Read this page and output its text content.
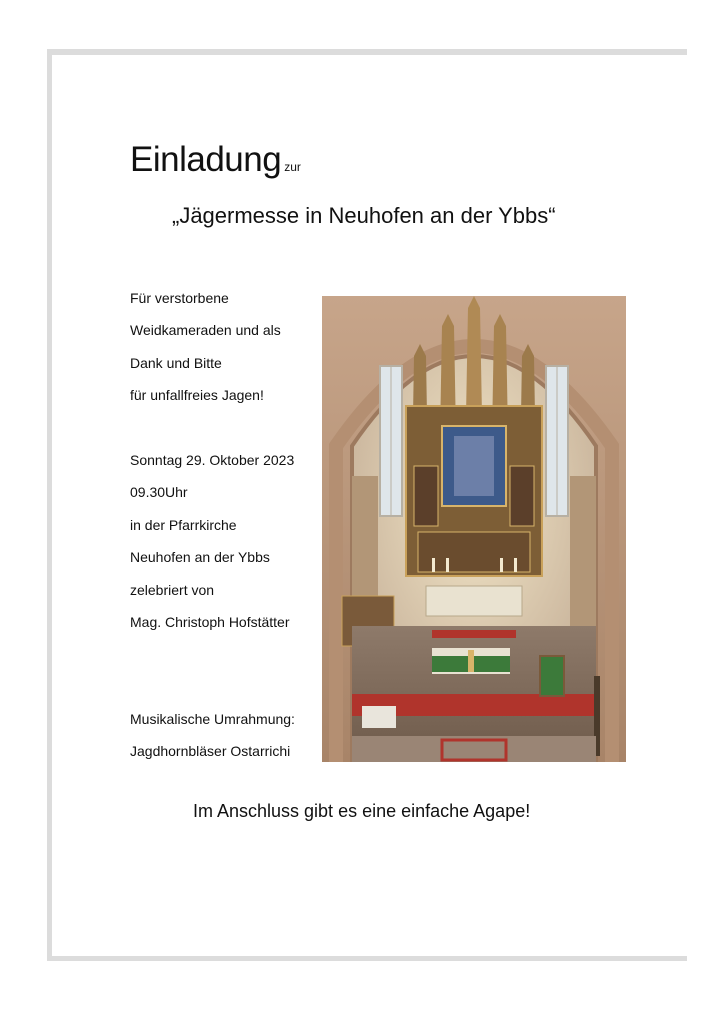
Einladung zur
„Jägermesse in Neuhofen an der Ybbs“
Für verstorbene
Weidkameraden und als
Dank und Bitte
für unfallfreies Jagen!
Sonntag 29. Oktober 2023
09.30Uhr
in der Pfarrkirche
Neuhofen an der Ybbs
zelebriert von
Mag. Christoph Hofstätter
Musikalische Umrahmung:
Jagdhornbläser Ostarrichi
Im Anschluss gibt es eine einfache Agape!
